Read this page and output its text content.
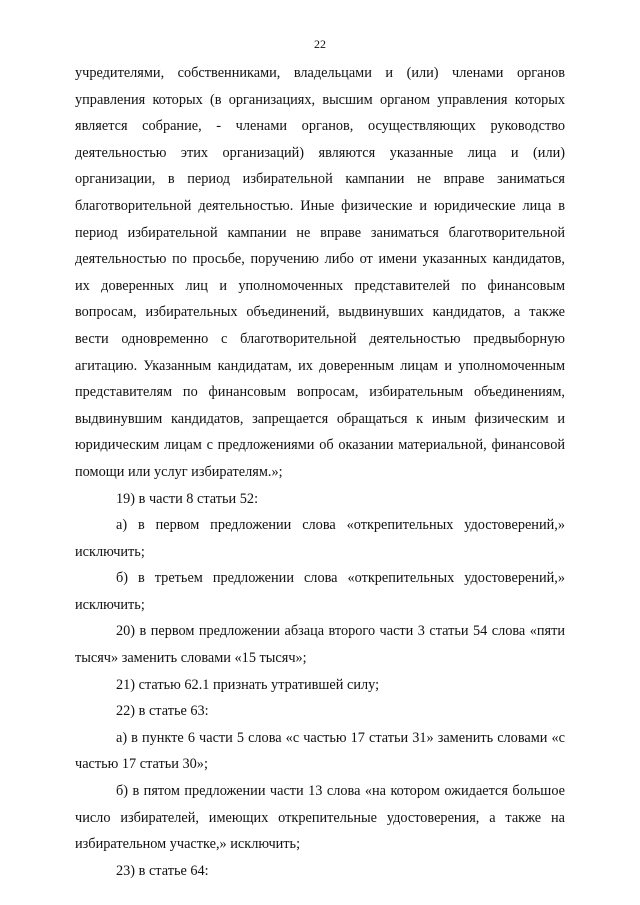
22

учредителями, собственниками, владельцами и (или) членами органов управления которых (в организациях, высшим органом управления которых является собрание, - членами органов, осуществляющих руководство деятельностью этих организаций) являются указанные лица и (или) организации, в период избирательной кампании не вправе заниматься благотворительной деятельностью. Иные физические и юридические лица в период избирательной кампании не вправе заниматься благотворительной деятельностью по просьбе, поручению либо от имени указанных кандидатов, их доверенных лиц и уполномоченных представителей по финансовым вопросам, избирательных объединений, выдвинувших кандидатов, а также вести одновременно с благотворительной деятельностью предвыборную агитацию. Указанным кандидатам, их доверенным лицам и уполномоченным представителям по финансовым вопросам, избирательным объединениям, выдвинувшим кандидатов, запрещается обращаться к иным физическим и юридическим лицам с предложениями об оказании материальной, финансовой помощи или услуг избирателям.»;

19) в части 8 статьи 52:

а) в первом предложении слова «открепительных удостоверений,» исключить;

б) в третьем предложении слова «открепительных удостоверений,» исключить;

20) в первом предложении абзаца второго части 3 статьи 54 слова «пяти тысяч» заменить словами «15 тысяч»;

21) статью 62.1 признать утратившей силу;

22) в статье 63:

а) в пункте 6 части 5 слова «с частью 17 статьи 31» заменить словами «с частью 17 статьи 30»;

б) в пятом предложении части 13 слова «на котором ожидается большое число избирателей, имеющих открепительные удостоверения, а также на избирательном участке,» исключить;

23) в статье 64:
